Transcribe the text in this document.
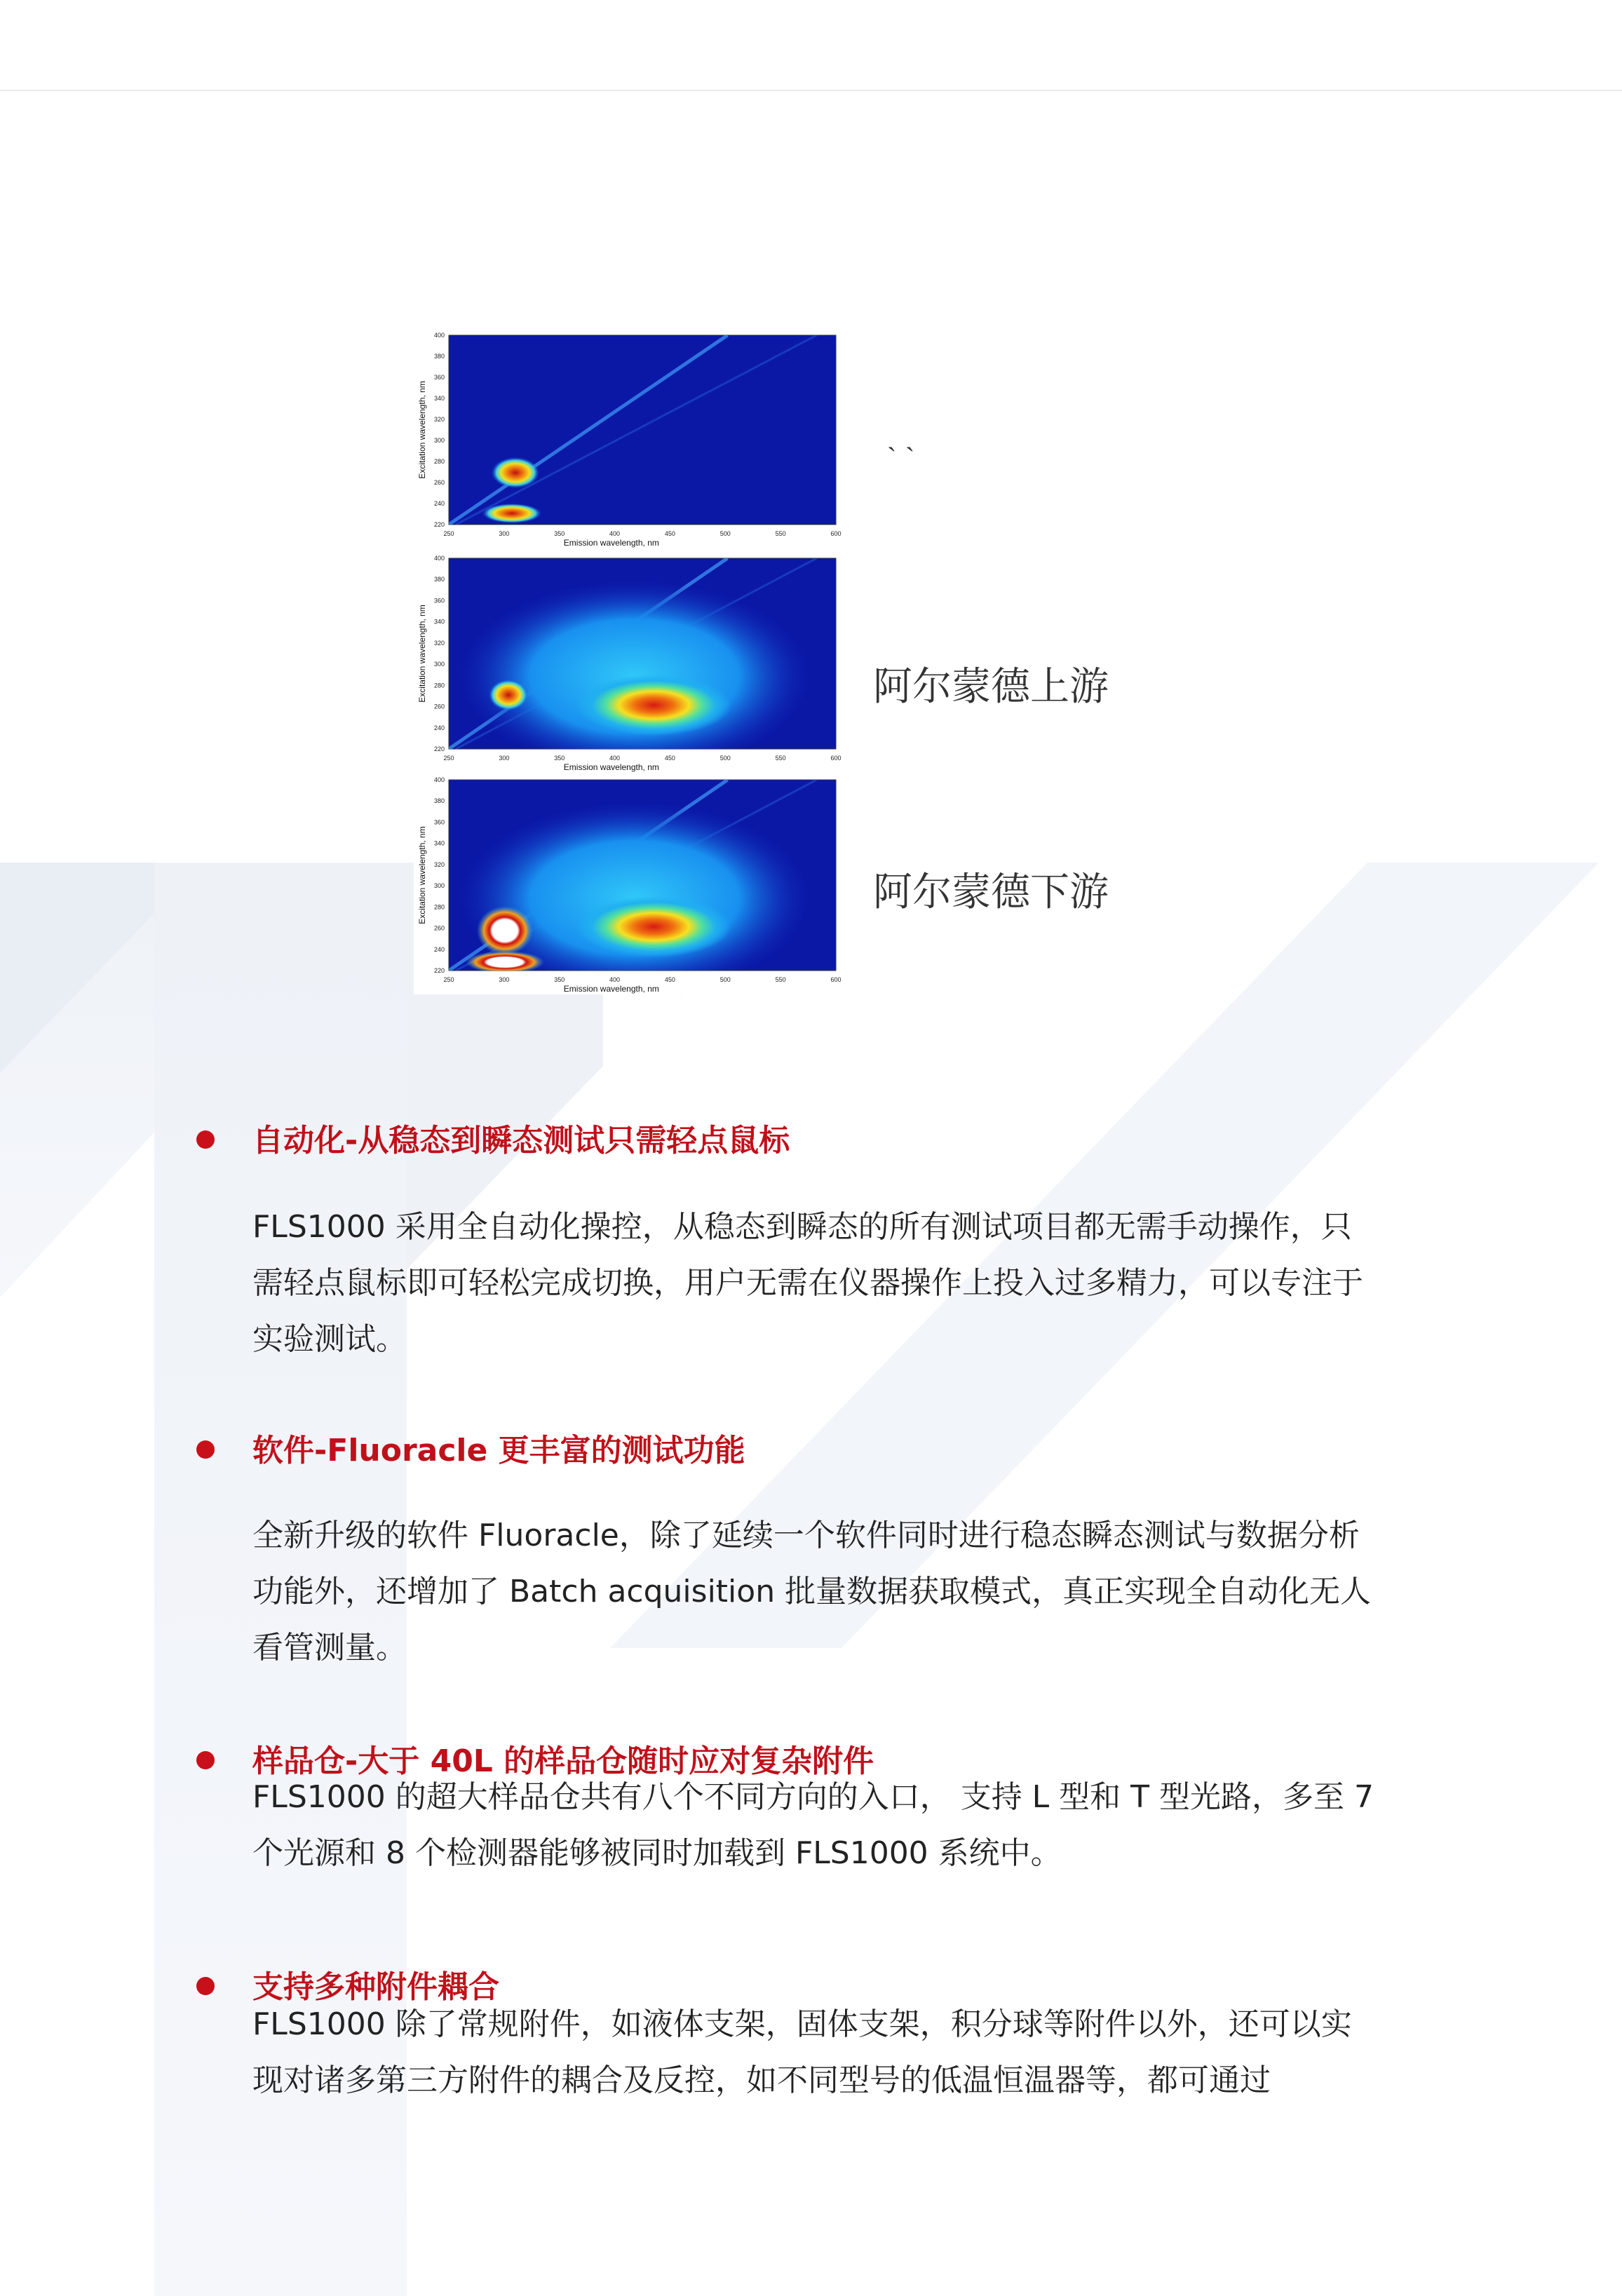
250	300	350	400	450	500	550	600
400
380
360
340
320
300
280
260
240
220
Emission wavelength, nm
Excitation wavelength, nm
250	300	350	400	450	500	550	600
400
380
360
340
320
300
280
260
240
220
Emission wavelength, nm
Excitation wavelength, nm
250	300	350	400	450	500	550	600
400
380
360
340
320
300
280
260
240
220
Emission wavelength, nm
Excitation wavelength, nm
ˏ ˎ
阿尔蒙德上游
阿尔蒙德下游
自动化-从稳态到瞬态测试只需轻点鼠标
FLS1000 采用全自动化操控，从稳态到瞬态的所有测试项目都无需手动操作，只
需轻点鼠标即可轻松完成切换，用户无需在仪器操作上投入过多精力，可以专注于
实验测试。
软件-Fluoracle 更丰富的测试功能
全新升级的软件 Fluoracle，除了延续一个软件同时进行稳态瞬态测试与数据分析
功能外，还增加了 Batch acquisition 批量数据获取模式，真正实现全自动化无人
看管测量。
样品仓-大于 40L 的样品仓随时应对复杂附件
FLS1000 的超大样品仓共有八个不同方向的入口， 支持 L 型和 T 型光路，多至 7
个光源和 8 个检测器能够被同时加载到 FLS1000 系统中。
支持多种附件耦合
FLS1000 除了常规附件，如液体支架，固体支架，积分球等附件以外，还可以实
现对诸多第三方附件的耦合及反控，如不同型号的低温恒温器等，都可通过
